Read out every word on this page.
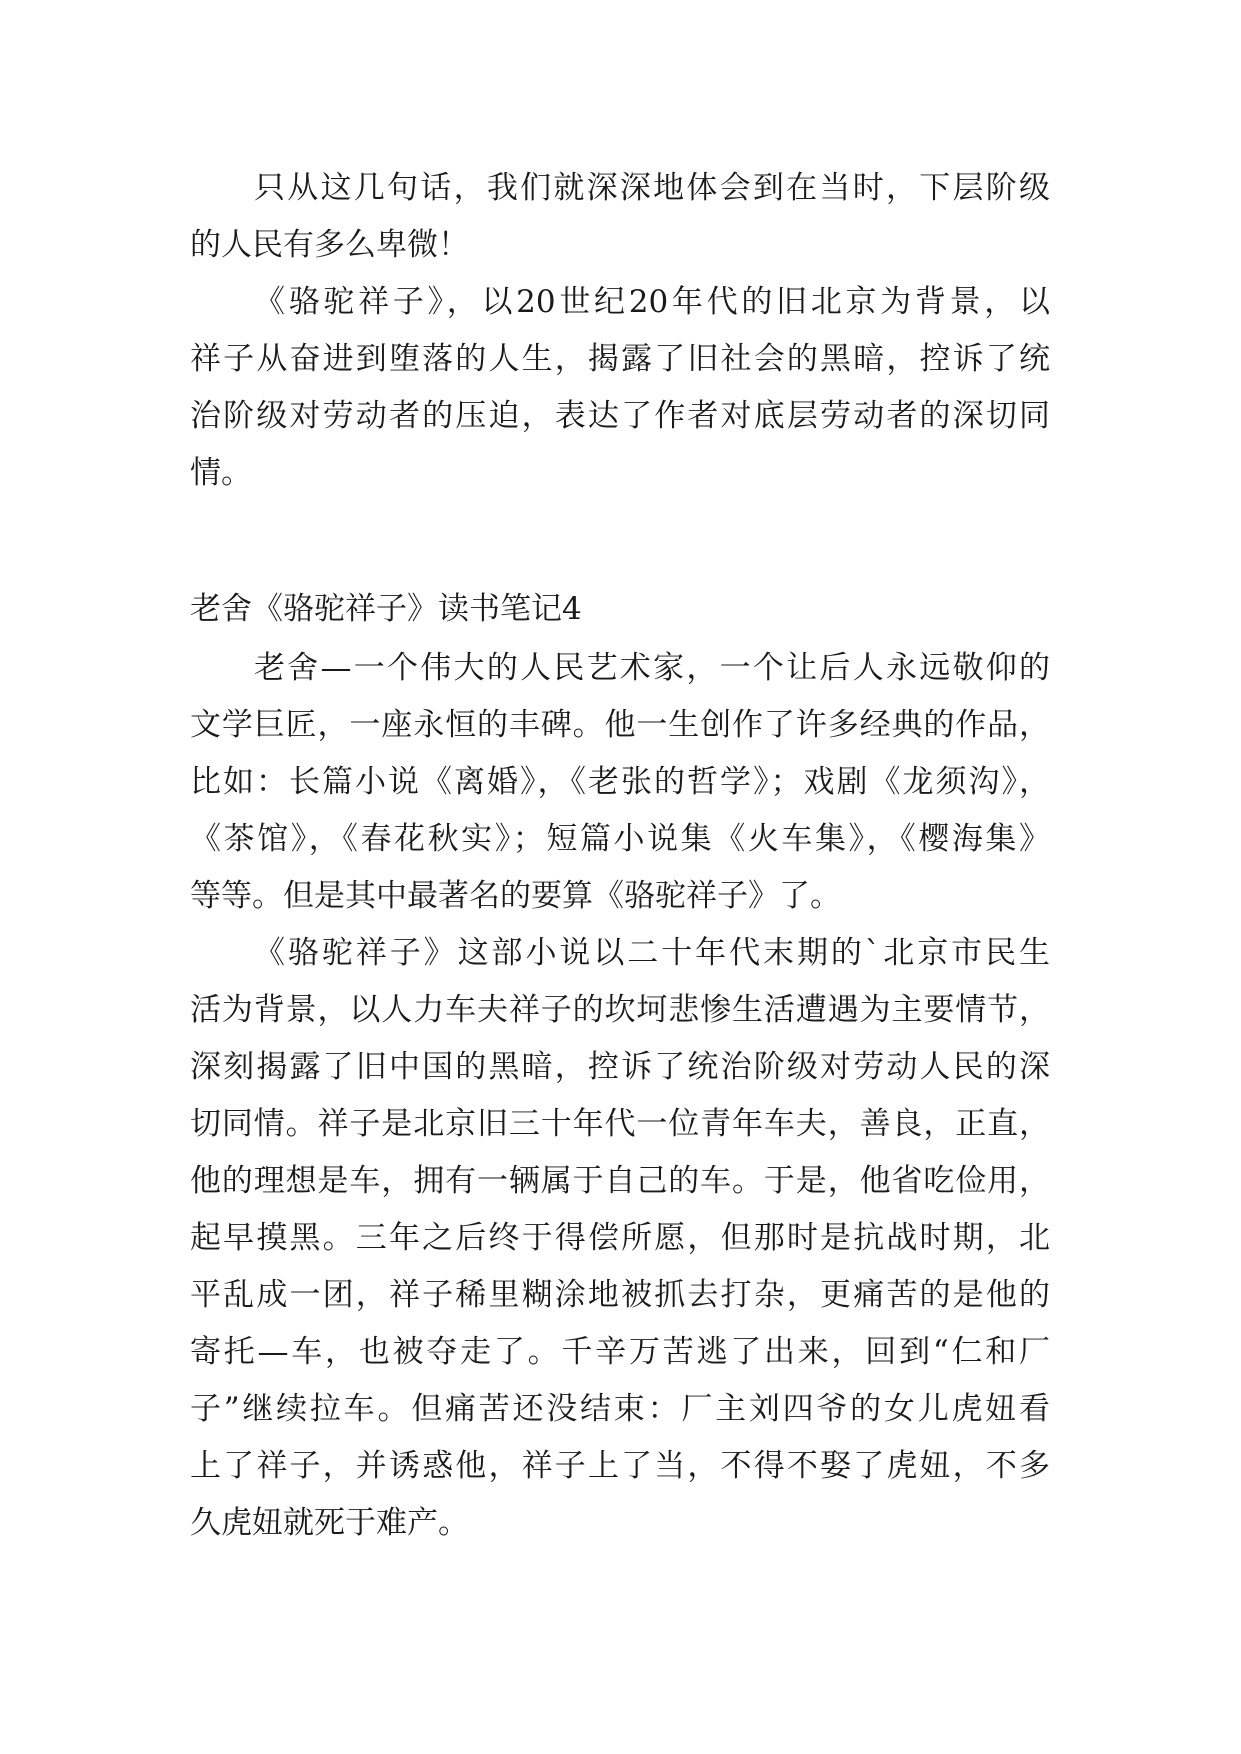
只从这几句话，我们就深深地体会到在当时，下层阶级
的人民有多么卑微！
《骆驼祥子》，以20世纪20年代的旧北京为背景，以
祥子从奋进到堕落的人生，揭露了旧社会的黑暗，控诉了统
治阶级对劳动者的压迫，表达了作者对底层劳动者的深切同
情。
老舍《骆驼祥子》读书笔记4
老舍—一个伟大的人民艺术家，一个让后人永远敬仰的
文学巨匠，一座永恒的丰碑。他一生创作了许多经典的作品，
比如：长篇小说《离婚》，《老张的哲学》；戏剧《龙须沟》，
《茶馆》，《春花秋实》；短篇小说集《火车集》，《樱海集》
等等。但是其中最著名的要算《骆驼祥子》了。
《骆驼祥子》这部小说以二十年代末期的`北京市民生
活为背景，以人力车夫祥子的坎坷悲惨生活遭遇为主要情节，
深刻揭露了旧中国的黑暗，控诉了统治阶级对劳动人民的深
切同情。祥子是北京旧三十年代一位青年车夫，善良，正直，
他的理想是车，拥有一辆属于自己的车。于是，他省吃俭用，
起早摸黑。三年之后终于得偿所愿，但那时是抗战时期，北
平乱成一团，祥子稀里糊涂地被抓去打杂，更痛苦的是他的
寄托—车，也被夺走了。千辛万苦逃了出来，回到“仁和厂
子”继续拉车。但痛苦还没结束：厂主刘四爷的女儿虎妞看
上了祥子，并诱惑他，祥子上了当，不得不娶了虎妞，不多
久虎妞就死于难产。
